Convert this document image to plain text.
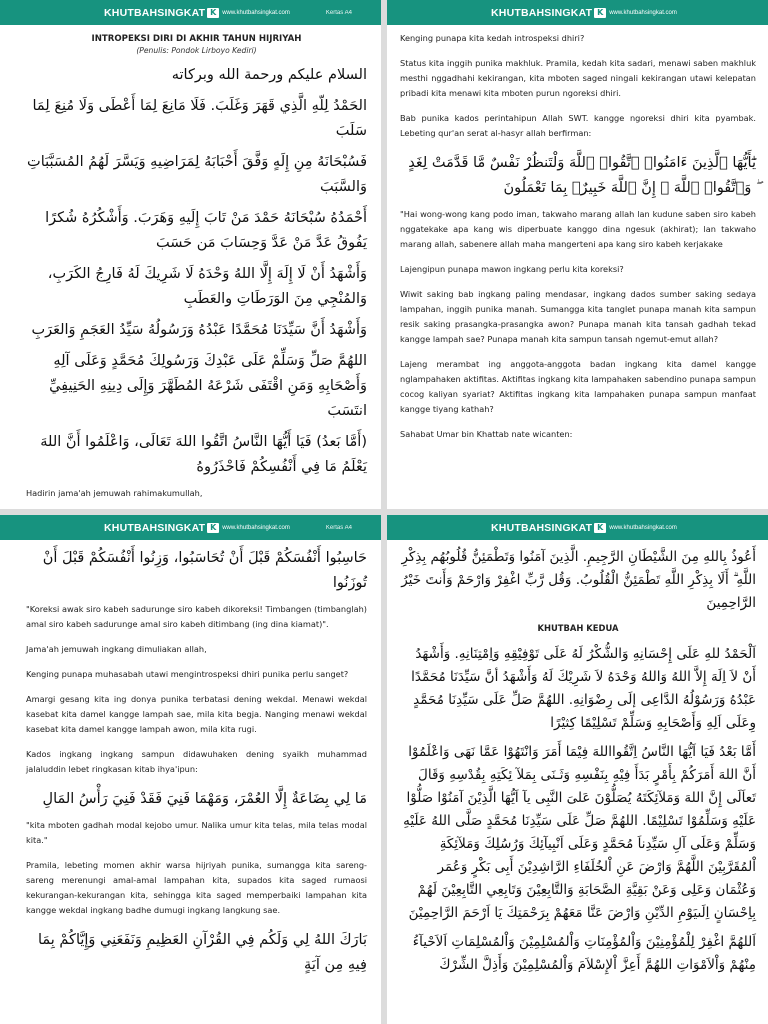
KHUTBAHSINGKAT K www.khutbahsingkat.com	Kertas A4
INTROPEKSI DIRI DI AKHIR TAHUN HIJRIYAH
(Penulis: Pondok Lirboyo Kediri)

السلام عليكم ورحمة الله وبركاته

الحَمْدُ لِلّهِ الَّذِي قَهَرَ وَغَلَبَ. فَلَا مَانِعَ لِمَا أَعْطَى وَلَا مُنِعَ لِمَا سَلَبَ

فَسُبْحَانَهُ مِنِ إِلَهٍ وَفَّقَ أَحْبَابَهُ لِمَرَاضِيهِ وَيَسَّرَ لَهُمُ المُسَبَّبَاتِ وَالسَّبَبَ

أَحْمَدُهُ سُبْحَانَهُ حَمْدَ مَنْ تَابَ إِلَيهِ وَهَرَبَ. وَأَشْكُرُهُ شُكرًا يَفُوقُ عَدَّ مَنْ عَدَّ وَحِسَابَ مَن حَسَبَ

وَأَشْهَدُ أَنْ لَا إِلَهَ إِلَّا اللهُ وَحْدَهُ لَا شَرِيكَ لَهُ فَارِجُ الكَرَبِ، وَالمُنْجِي مِنَ الوَرَطَاتِ والعَطَبِ

وَأَشْهَدُ أَنَّ سَيِّدَنَا مُحَمَّدًا عَبْدُهُ وَرَسُولُهُ سَيِّدُ العَجَمِ وَالعَرَبِ

اللهُمَّ صَلِّ وَسَلِّمْ عَلَى عَبْدِكَ وَرَسُولِكَ مُحَمَّدٍ وَعَلَى آلِهِ وَأَصْحَابِهِ وَمَنِ اقْتَفَى شَرْعَهُ المُطَهَّرَ وَإِلَى دِينِهِ الحَنِيفِيِّ انتَسَبَ

(أَمَّا بَعدُ) فَيَا أَيُّهَا النَّاسُ اتَّقُوا اللهَ تَعَالَى، وَاعْلَمُوا أَنَّ اللهَ يَعْلَمُ مَا فِي أَنْفُسِكُمْ فَاحْذَرُوهُ

Hadirin jama'ah jemuwah rahimakumullah,

KHUTBAHSINGKAT K www.khutbahsingkat.com

Kenging punapa kita kedah introspeksi dhiri?

Status kita inggih punika makhluk. Pramila, kedah kita sadari, menawi saben makhluk mesthi nggadhahi kekirangan, kita mboten saged ningali kekirangan utawi kelepatan pribadi kita menawi kita mboten purun ngoreksi dhiri.

Bab punika kados perintahipun Allah SWT. kangge ngoreksi dhiri kita pyambak. Lebeting qur'an serat al-hasyr allah berfirman:

يَٰٓأَيُّهَا ٱلَّذِينَ ءَامَنُوا۟ ٱتَّقُوا۟ ٱللَّهَ وَلْتَنظُرْ نَفْسٌ مَّا قَدَّمَتْ لِغَدٍ ۖ وَٱتَّقُوا۟ ٱللَّهَ ۚ إِنَّ ٱللَّهَ خَبِيرٌۢ بِمَا تَعْمَلُونَ

"Hai wong-wong kang podo iman, takwaho marang allah lan kudune saben siro kabeh nggatekake apa kang wis diperbuate kanggo dina ngesuk (akhirat); lan takwaho marang allah, sabenere allah maha mangerteni apa kang siro kabeh kerjakake

Lajengipun punapa mawon ingkang perlu kita koreksi?

Wiwit saking bab ingkang paling mendasar, ingkang dados sumber saking sedaya lampahan, inggih punika manah. Sumangga kita tanglet punapa manah kita sampun resik saking prasangka-prasangka awon? Punapa manah kita tansah gadhah tekad kangge lampah sae? Punapa manah kita sampun tansah ngemut-emut allah?

Lajeng merambat ing anggota-anggota badan ingkang kita damel kangge nglampahaken aktifitas. Aktifitas ingkang kita lampahaken sabendino punapa sampun cocog kaliyan syariat? Aktifitas ingkang kita lampahaken punapa sampun manfaat kangge tiyang kathah?

Sahabat Umar bin Khattab nate wicanten:

KHUTBAHSINGKAT K www.khutbahsingkat.com	Kertas A4

حَاسِبُوا أَنْفُسَكُمْ قَبْلَ أَنْ تُحَاسَبُوا، وَزِنُوا أَنْفُسَكُمْ قَبْلَ أَنْ تُوزَنُوا

"Koreksi awak siro kabeh sadurunge siro kabeh dikoreksi! Timbangen (timbanglah) amal siro kabeh sadurunge amal siro kabeh ditimbang (ing dina kiamat)".

Jama'ah jemuwah ingkang dimuliakan allah,

Kenging punapa muhasabah utawi mengintrospeksi dhiri punika perlu sanget?

Amargi gesang kita ing donya punika terbatasi dening wekdal. Menawi wekdal kasebat kita damel kangge lampah sae, mila kita begja. Nanging menawi wekdal kasebat kita damel kangge lampah awon, mila kita rugi.

Kados ingkang ingkang sampun didawuhaken dening syaikh muhammad jalaluddin lebet ringkasan kitab ihya'ipun:

مَا لِي بِضَاعَةٌ إِلَّا العُمْرَ، وَمَهْمَا فَنِيَ فَقَدْ فَنِيَ رَأْسُ المَالِ

"kita mboten gadhah modal kejobo umur. Nalika umur kita telas, mila telas modal kita."

Pramila, lebeting momen akhir warsa hijriyah punika, sumangga kita sareng-sareng merenungi amal-amal lampahan kita, supados kita saged rumaosi kekurangan-kekurangan kita, sehingga kita saged memperbaiki lampahan kita kangge wekdal ingkang badhe dumugi ingkang langkung sae.

بَارَكَ اللهُ لِي وَلَكُم فِي القُرْآنِ العَظِيمِ وَنَفَعَنِي وَإِيَّاكُمْ بِمَا فِيهِ مِن آيَةٍ

KHUTBAHSINGKAT K www.khutbahsingkat.com

أَعُوذُ بِاللهِ مِنَ الشَّيْطَانِ الرَّجِيمِ. الَّذِينَ آمَنُوا وَتَطْمَئِنُّ قُلُوبُهُم بِذِكْرِ اللَّهِ ۗ أَلَا بِذِكْرِ اللَّهِ تَطْمَئِنُّ الْقُلُوبُ. وَقُل رَّبِّ اغْفِرْ وَارْحَمْ وَأَنتَ خَيْرُ الرَّاحِمِينَ

KHUTBAH KEDUA

اَلْحَمْدُ للهِ عَلَى إِحْسَانِهِ وَالشُّكْرُ لَهُ عَلَى تَوْفِيْقِهِ وَاِمْتِنَانِهِ. وَأَشْهَدُ أَنْ لاَ اِلَهَ إِلاَّ اللهُ وَاللهُ وَحْدَهُ لاَ شَرِيْكَ لَهُ وَأَشْهَدُ أنَّ سَيِّدَنَا مُحَمَّدًا عَبْدُهُ وَرَسُوْلُهُ الدَّاعِى إلَى رِضْوَانِهِ. اللهُمَّ صَلِّ عَلَى سَيِّدِنَا مُحَمَّدٍ وِعَلَى اَلِهِ وَأَصْحَابِهِ وَسَلِّمْ تَسْلِيْمًا كِثيْرًا

أَمَّا بَعْدُ فَيَا اَيُّهَا النَّاسُ اِتَّقُوااللهَ فِيْمَا أَمَرَ وَانْتَهُوْا عَمَّا نَهَى وَاعْلَمُوْا أَنَّ اللهَ أَمَرَكُمْ بِأَمْرٍ بَدَأَ فِيْهِ بِنَفْسِهِ وَثَـنَى بِمَلآ ئِكَتِهِ بِقُدْسِهِ وَقَالَ تَعاَلَى إِنَّ اللهَ وَمَلآئِكَتَهُ يُصَلُّوْنَ عَلىَ النَّبِى يآ اَيُّهَا الَّذِيْنَ آمَنُوْا صَلُّوْا عَلَيْهِ وَسَلِّمُوْا تَسْلِيْمًا. اللهُمَّ صَلِّ عَلَى سَيِّدِنَا مُحَمَّدٍ صَلَّى اللهُ عَلَيْهِ وَسَلِّمْ وَعَلَى آلِ سَيِّدِناَ مُحَمَّدٍ وَعَلَى اَنْبِيآئِكَ وَرُسُلِكَ وَمَلآئِكَةِ اْلمُقَرَّبِيْنَ اللَّهُمَّ وَارْضَ عَنِ اْلخُلَفَاءِ الرَّاشِدِيْنَ أَبِى بَكْرٍ وَعُمَر وَعُثْمَان وَعَلِى وَعَنْ بَقِيَّةِ الصَّحَابَةِ وَالتَّابِعِيْنَ وَتَابِعِي التَّابِعِيْنَ لَهُمْ بِاِحْسَانٍ اِلَىيَوْمِ الدِّيْنِ وَارْضَ عَنَّا مَعَهُمْ بِرَحْمَتِكَ يَا اَرْحَمَ الرَّاحِمِيْنَ

اَللهُمَّ اغْفِرْ لِلْمُؤْمِنِيْنَ وَاْلمُؤْمِنَاتِ وَاْلمُسْلِمِيْنَ وَاْلمُسْلِمَاتِ اَلاَحْيآءُ مِنْهُمْ وَاْلاَمْوَاتِ اللهُمَّ أَعِزَّ اْلإِسْلاَمَ وَاْلمُسْلِمِيْنَ وَأَذِلَّ الشِّرْكَ
